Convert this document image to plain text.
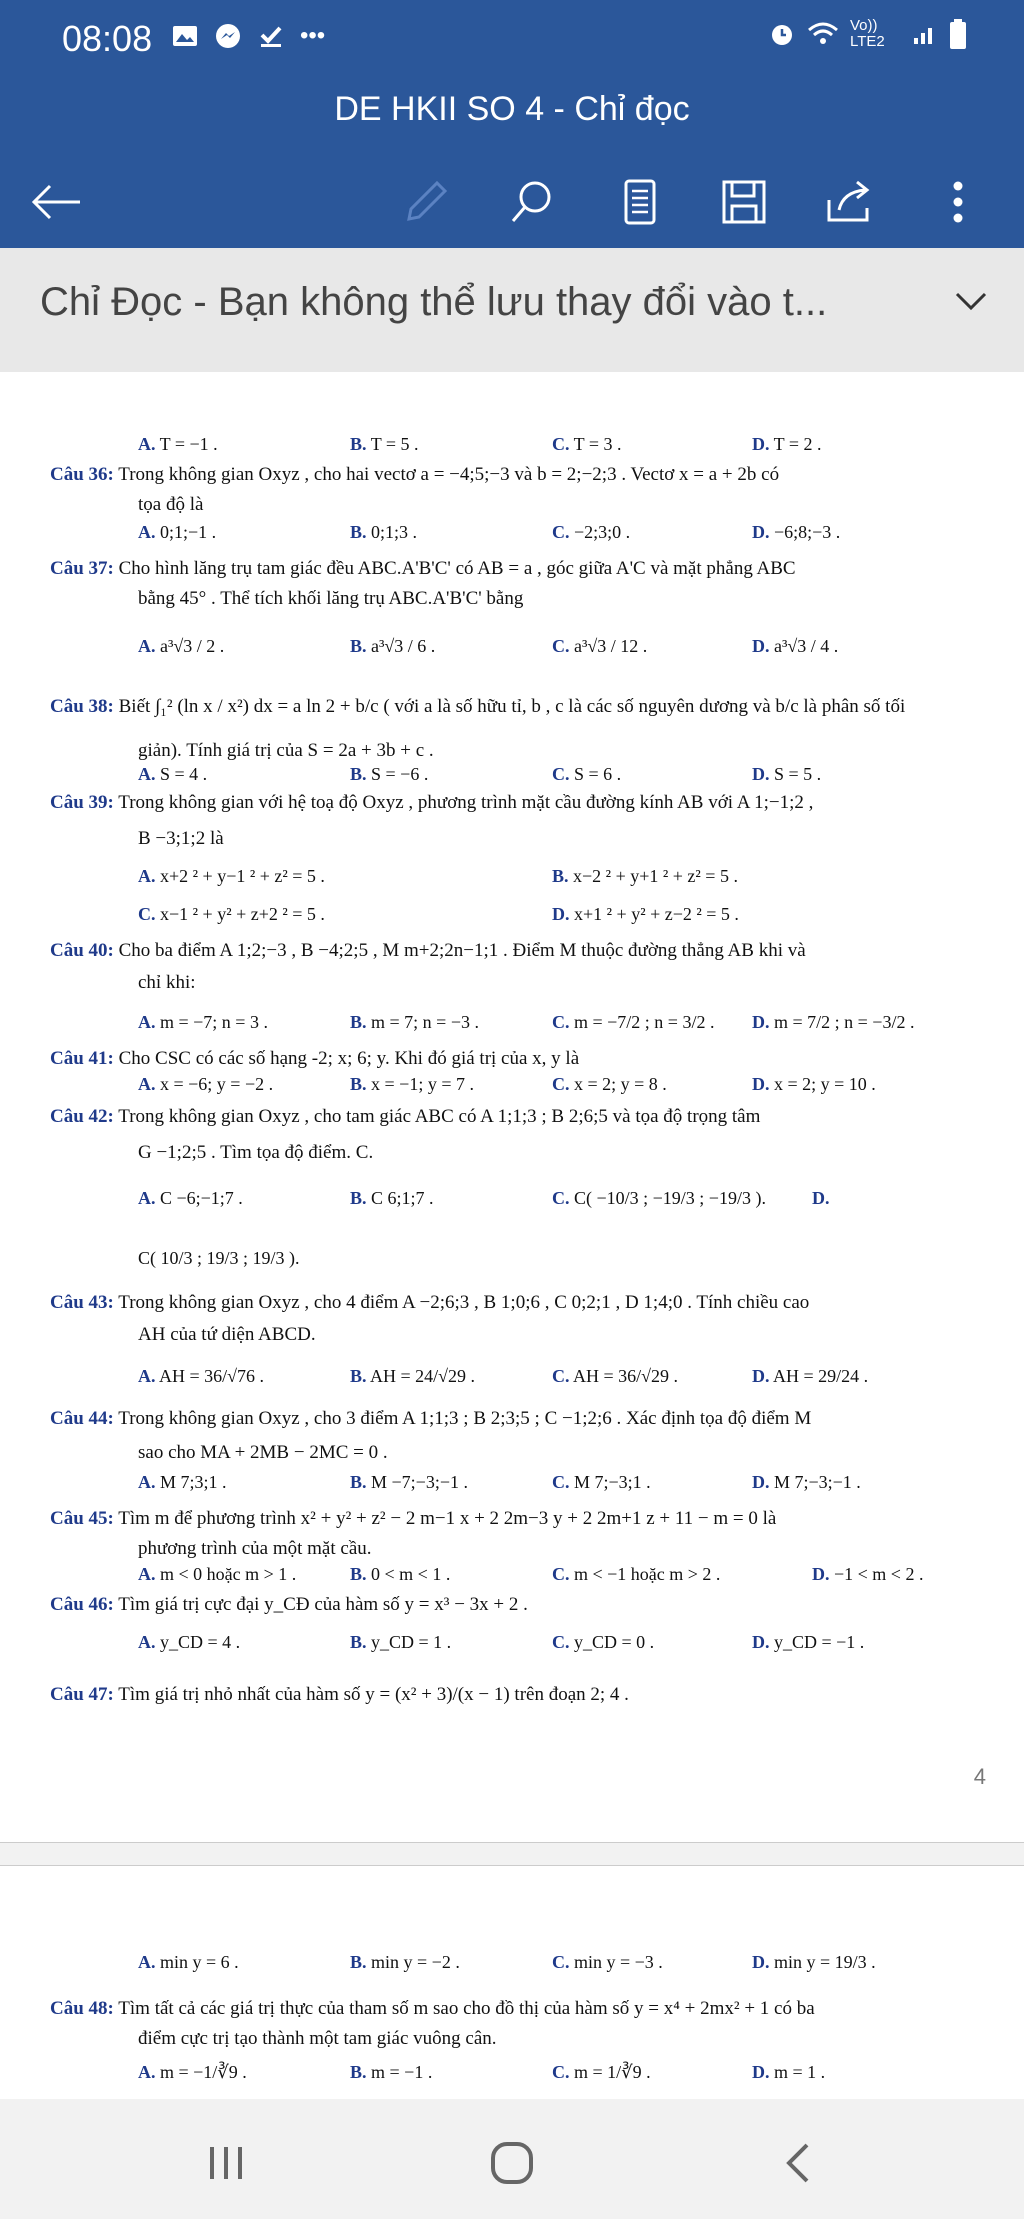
08:08	•••	Vo)) LTE2
DE HKII SO 4 - Chỉ đọc
Chỉ Đọc - Bạn không thể lưu thay đổi vào t...
A. T = −1 .	B. T = 5 .	C. T = 3 .	D. T = 2 .
Câu 36: Trong không gian Oxyz , cho hai vectơ a = −4;5;−3 và b = 2;−2;3 . Vectơ x = a + 2b có
tọa độ là
A. 0;1;−1 .	B. 0;1;3 .	C. −2;3;0 .	D. −6;8;−3 .
Câu 37: Cho hình lăng trụ tam giác đều ABC.A'B'C' có AB = a , góc giữa A'C và mặt phẳng ABC
bằng 45° . Thể tích khối lăng trụ ABC.A'B'C' bằng
A. a³√3 / 2 .	B. a³√3 / 6 .	C. a³√3 / 12 .	D. a³√3 / 4 .
Câu 38: Biết ∫₁² (ln x / x²) dx = a ln 2 + b/c ( với a là số hữu tỉ, b , c là các số nguyên dương và b/c là phân số tối
giản). Tính giá trị của S = 2a + 3b + c .
A. S = 4 .	B. S = −6 .	C. S = 6 .	D. S = 5 .
Câu 39: Trong không gian với hệ toạ độ Oxyz , phương trình mặt cầu đường kính AB với A 1;−1;2 ,
B −3;1;2 là
A. x+2 ² + y−1 ² + z² = 5 .	B. x−2 ² + y+1 ² + z² = 5 .
C. x−1 ² + y² + z+2 ² = 5 .	D. x+1 ² + y² + z−2 ² = 5 .
Câu 40: Cho ba điểm A 1;2;−3 , B −4;2;5 , M m+2;2n−1;1 . Điểm M thuộc đường thẳng AB khi và
chỉ khi:
A. m = −7; n = 3 .	B. m = 7; n = −3 .	C. m = −7/2 ; n = 3/2 . D. m = 7/2 ; n = −3/2 .
Câu 41: Cho CSC có các số hạng -2; x; 6; y. Khi đó giá trị của x, y là
A. x = −6; y = −2 .	B. x = −1; y = 7 .	C. x = 2; y = 8 .	D. x = 2; y = 10 .
Câu 42: Trong không gian Oxyz , cho tam giác ABC có A 1;1;3 ; B 2;6;5 và tọa độ trọng tâm
G −1;2;5 . Tìm tọa độ điểm. C.
A. C −6;−1;7 .	B. C 6;1;7 .	C. C( −10/3 ; −19/3 ; −19/3 ).	D.
C( 10/3 ; 19/3 ; 19/3 ).
Câu 43: Trong không gian Oxyz , cho 4 điểm A −2;6;3 , B 1;0;6 , C 0;2;1 , D 1;4;0 . Tính chiều cao
AH của tứ diện ABCD.
A. AH = 36/√76 .	B. AH = 24/√29 .	C. AH = 36/√29 .	D. AH = 29/24 .
Câu 44: Trong không gian Oxyz , cho 3 điểm A 1;1;3 ; B 2;3;5 ; C −1;2;6 . Xác định tọa độ điểm M
sao cho MA + 2MB − 2MC = 0 .
A. M 7;3;1 .	B. M −7;−3;−1 .	C. M 7;−3;1 .	D. M 7;−3;−1 .
Câu 45: Tìm m để phương trình x² + y² + z² − 2 m−1 x + 2 2m−3 y + 2 2m+1 z + 11 − m = 0 là
phương trình của một mặt cầu.
A. m < 0 hoặc m > 1 .	B. 0 < m < 1 .	C. m < −1 hoặc m > 2 .	D. −1 < m < 2 .
Câu 46: Tìm giá trị cực đại y_CĐ của hàm số y = x³ − 3x + 2 .
A. y_CD = 4 .	B. y_CD = 1 .	C. y_CD = 0 .	D. y_CD = −1 .
Câu 47: Tìm giá trị nhỏ nhất của hàm số y = (x² + 3)/(x − 1) trên đoạn 2; 4 .
4
A. min y = 6 .	B. min y = −2 .	C. min y = −3 .	D. min y = 19/3 .
Câu 48: Tìm tất cả các giá trị thực của tham số m sao cho đồ thị của hàm số y = x⁴ + 2mx² + 1 có ba
điểm cực trị tạo thành một tam giác vuông cân.
A. m = −1/∛9 .	B. m = −1 .	C. m = 1/∛9 .	D. m = 1 .
